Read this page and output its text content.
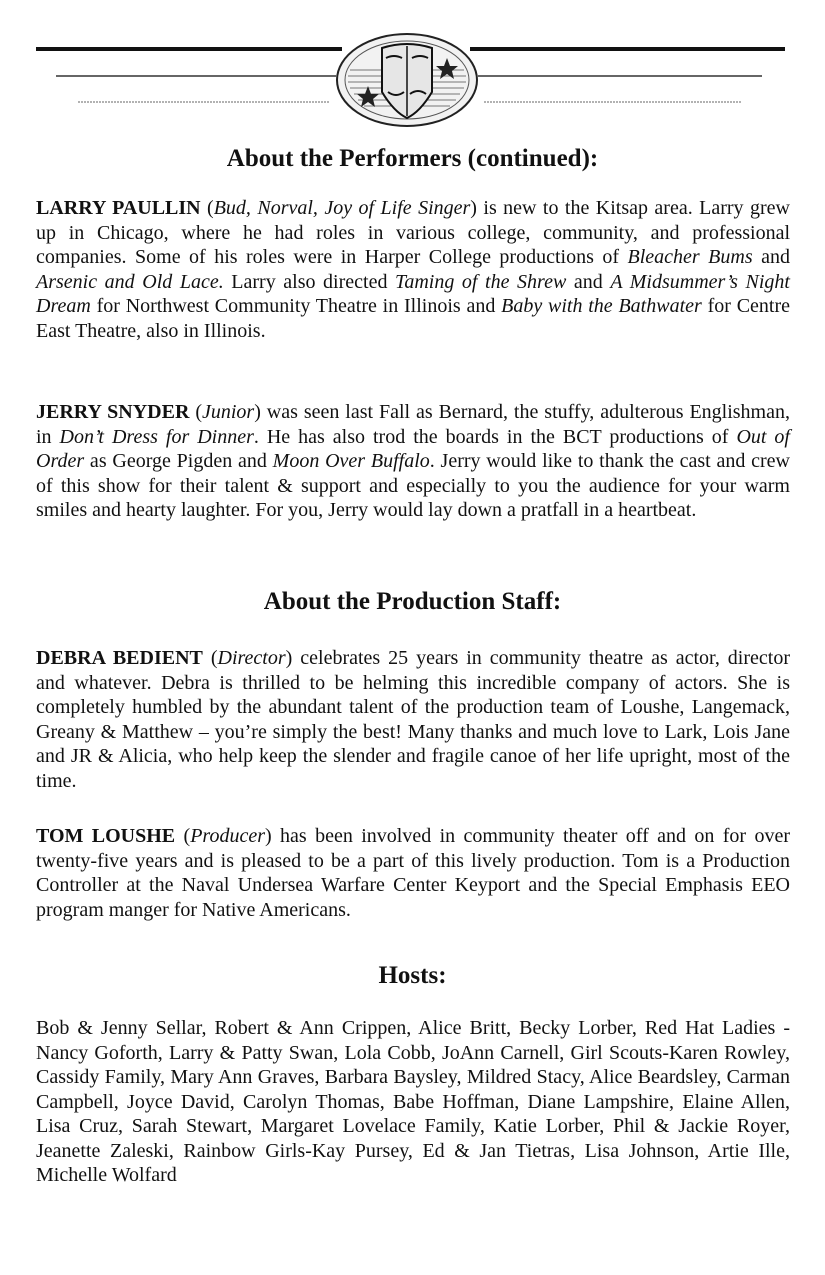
About the Performers (continued):

LARRY PAULLIN (Bud, Norval, Joy of Life Singer) is new to the Kitsap area. Larry grew up in Chicago, where he had roles in various college, community, and professional companies. Some of his roles were in Harper College productions of Bleacher Bums and Arsenic and Old Lace. Larry also directed Taming of the Shrew and A Midsummer’s Night Dream for Northwest Community Theatre in Illinois and Baby with the Bathwater for Centre East Theatre, also in Illinois.

JERRY SNYDER (Junior) was seen last Fall as Bernard, the stuffy, adulterous Englishman, in Don’t Dress for Dinner. He has also trod the boards in the BCT productions of Out of Order as George Pigden and Moon Over Buffalo. Jerry would like to thank the cast and crew of this show for their talent & support and especially to you the audience for your warm smiles and hearty laughter. For you, Jerry would lay down a pratfall in a heartbeat.

About the Production Staff:

DEBRA BEDIENT (Director) celebrates 25 years in community theatre as actor, director and whatever. Debra is thrilled to be helming this incredible company of actors. She is completely humbled by the abundant talent of the production team of Loushe, Langemack, Greany & Matthew – you’re simply the best! Many thanks and much love to Lark, Lois Jane and JR & Alicia, who help keep the slender and fragile canoe of her life upright, most of the time.

TOM LOUSHE (Producer) has been involved in community theater off and on for over twenty-five years and is pleased to be a part of this lively production. Tom is a Production Controller at the Naval Undersea Warfare Center Keyport and the Special Emphasis EEO program manger for Native Americans.

Hosts:

Bob & Jenny Sellar, Robert & Ann Crippen, Alice Britt, Becky Lorber, Red Hat Ladies -Nancy Goforth, Larry & Patty Swan, Lola Cobb, JoAnn Carnell, Girl Scouts-Karen Rowley, Cassidy Family, Mary Ann Graves, Barbara Baysley, Mildred Stacy, Alice Beardsley, Carman Campbell, Joyce David, Carolyn Thomas, Babe Hoffman, Diane Lampshire, Elaine Allen, Lisa Cruz, Sarah Stewart, Margaret Lovelace Family, Katie Lorber, Phil & Jackie Royer, Jeanette Zaleski, Rainbow Girls-Kay Pursey, Ed & Jan Tietras, Lisa Johnson, Artie Ille, Michelle Wolfard
